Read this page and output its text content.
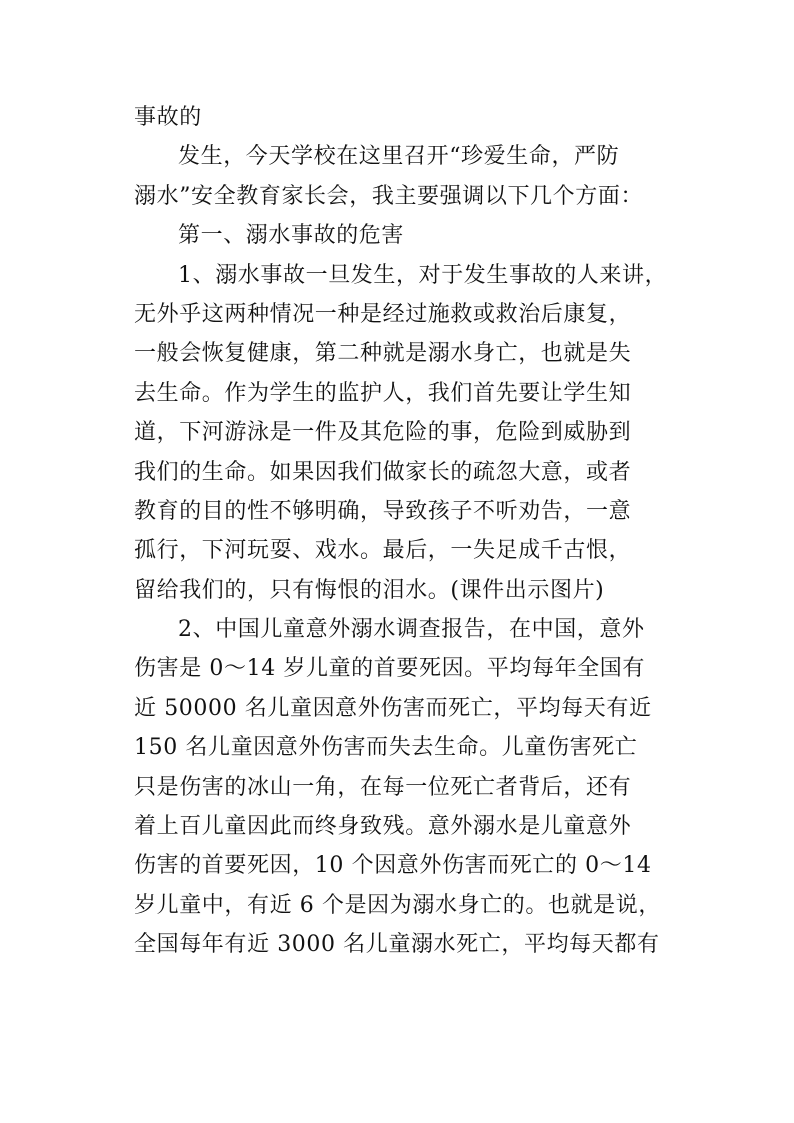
事故的
发生，今天学校在这里召开“珍爱生命，严防
溺水”安全教育家长会，我主要强调以下几个方面：
第一、溺水事故的危害
1、溺水事故一旦发生，对于发生事故的人来讲，
无外乎这两种情况一种是经过施救或救治后康复，
一般会恢复健康，第二种就是溺水身亡，也就是失
去生命。作为学生的监护人，我们首先要让学生知
道，下河游泳是一件及其危险的事，危险到威胁到
我们的生命。如果因我们做家长的疏忽大意，或者
教育的目的性不够明确，导致孩子不听劝告，一意
孤行，下河玩耍、戏水。最后，一失足成千古恨，
留给我们的，只有悔恨的泪水。(课件出示图片)
2、中国儿童意外溺水调查报告，在中国，意外
伤害是 0～14 岁儿童的首要死因。平均每年全国有
近 50000 名儿童因意外伤害而死亡，平均每天有近
150 名儿童因意外伤害而失去生命。儿童伤害死亡
只是伤害的冰山一角，在每一位死亡者背后，还有
着上百儿童因此而终身致残。意外溺水是儿童意外
伤害的首要死因，10 个因意外伤害而死亡的 0～14
岁儿童中，有近 6 个是因为溺水身亡的。也就是说，
全国每年有近 3000 名儿童溺水死亡，平均每天都有
